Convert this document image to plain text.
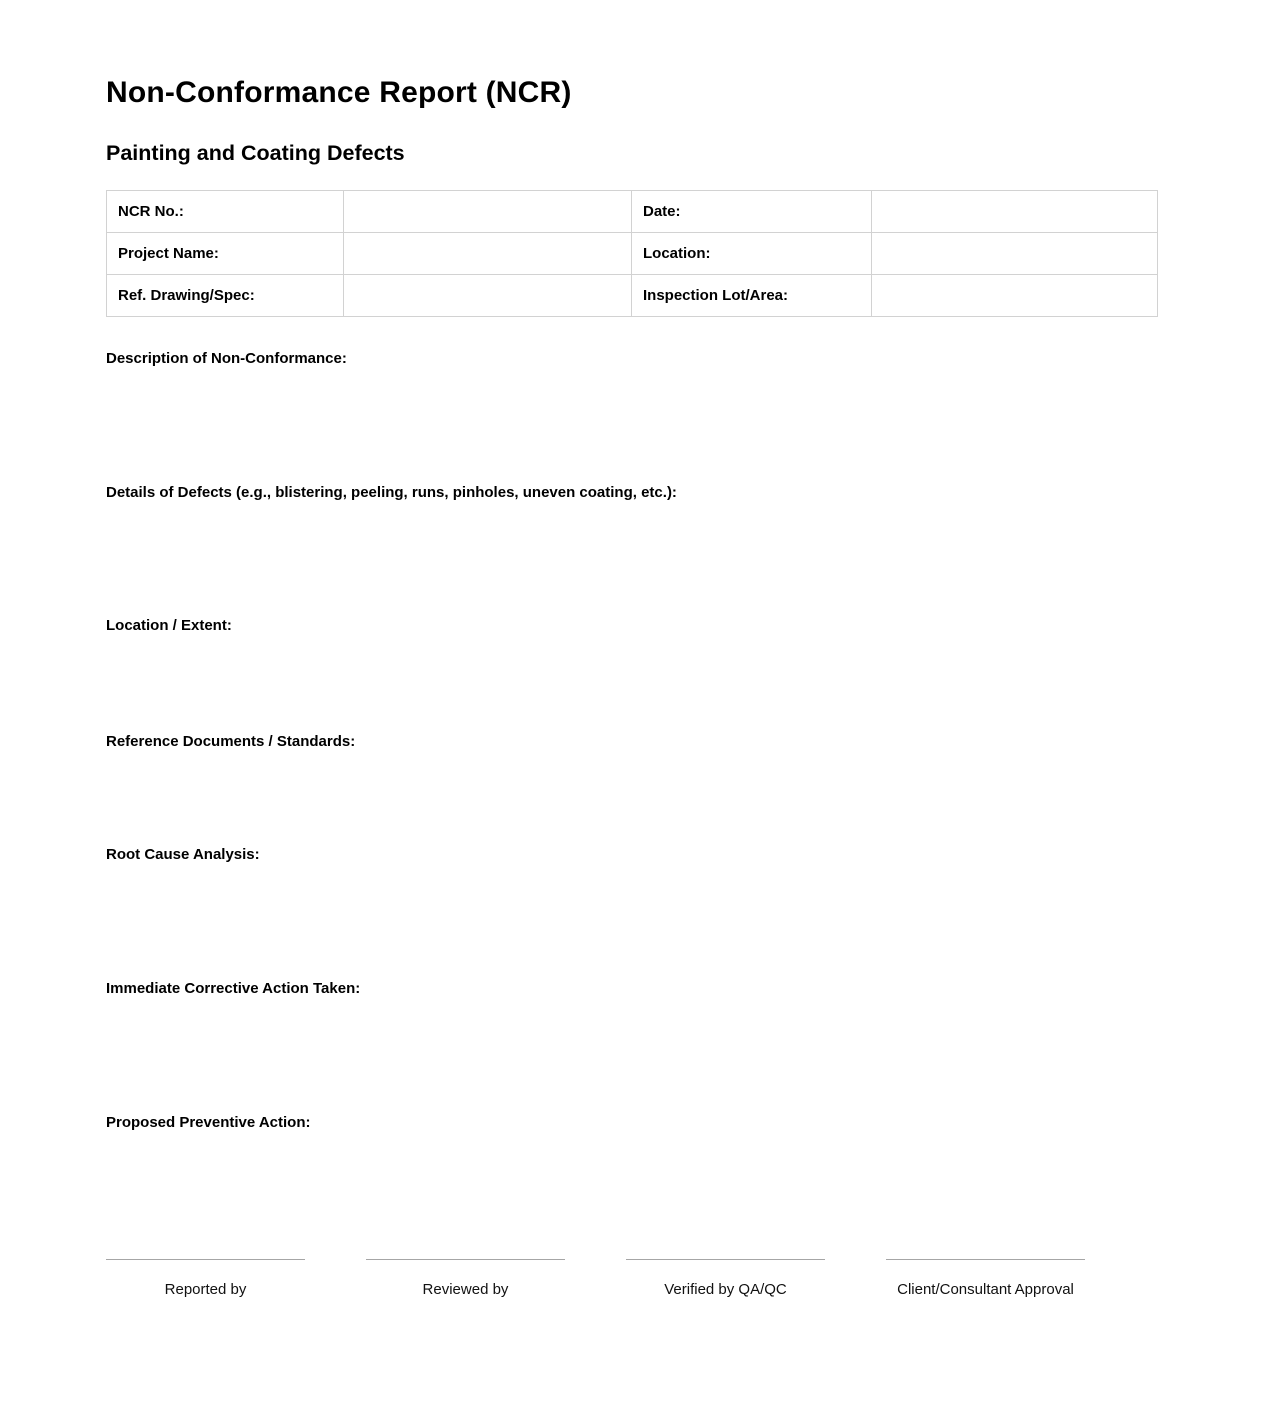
Non-Conformance Report (NCR)
Painting and Coating Defects
NCR No.:		Date:	
Project Name:		Location:	
Ref. Drawing/Spec:		Inspection Lot/Area:	
Description of Non-Conformance:
Details of Defects (e.g., blistering, peeling, runs, pinholes, uneven coating, etc.):
Location / Extent:
Reference Documents / Standards:
Root Cause Analysis:
Immediate Corrective Action Taken:
Proposed Preventive Action:
Reported by	Reviewed by	Verified by QA/QC	Client/Consultant Approval
